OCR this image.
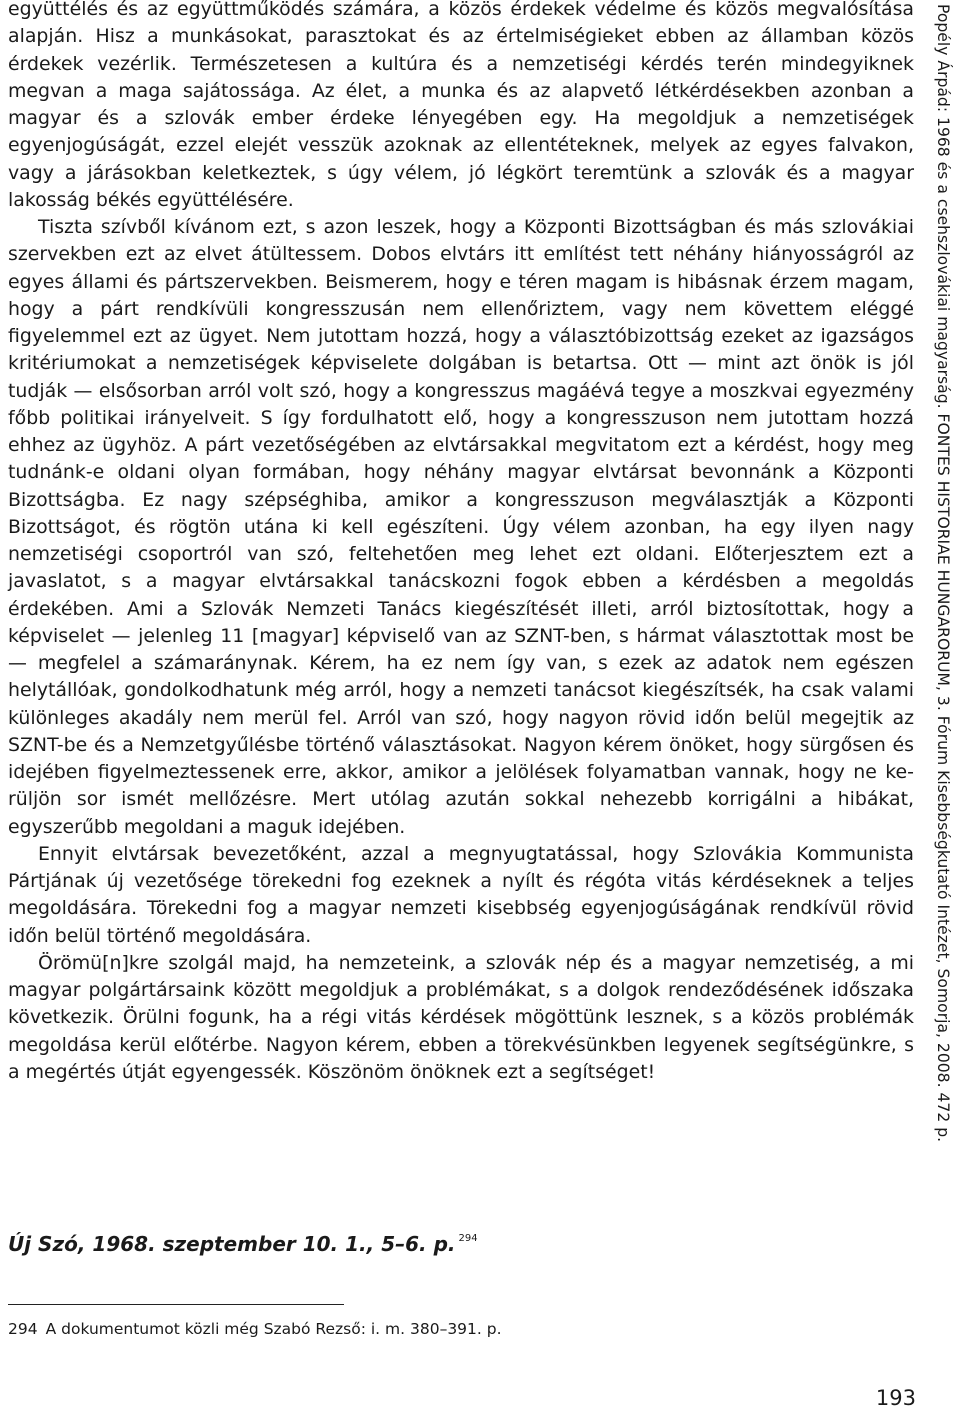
együttélés és az együttműködés számára, a közös érdekek védelme és közös megvalósítása alapján. Hisz a munkásokat, parasztokat és az értelmiségieket ebben az államban közös érdekek vezérlik. Természetesen a kultúra és a nemzetiségi kérdés terén mindegyiknek megvan a maga sajátossága. Az élet, a munka és az alapvető létkérdésekben azonban a magyar és a szlovák ember érdeke lényegében egy. Ha megoldjuk a nemzetiségek egyenjogúságát, ezzel elejét vesszük azoknak az ellentéteknek, melyek az egyes falvakon, vagy a járásokban keletkeztek, s úgy vélem, jó légkört teremtünk a szlovák és a magyar lakosság békés együttélésére.

Tiszta szívből kívánom ezt, s azon leszek, hogy a Központi Bizottságban és más szlovákiai szervekben ezt az elvet átültessem. Dobos elvtárs itt említést tett néhány hiányosságról az egyes állami és pártszervekben. Beismerem, hogy e téren magam is hibásnak érzem magam, hogy a párt rendkívüli kongresszusán nem ellenőriztem, vagy nem követtem eléggé figyelemmel ezt az ügyet. Nem jutottam hozzá, hogy a választóbizottság ezeket az igazságos kritériumokat a nemzetiségek képviselete dolgában is betartsa. Ott — mint azt önök is jól tudják — elsősorban arról volt szó, hogy a kongresszus magáévá tegye a moszkvai egyezmény főbb politikai irányelveit. S így fordulhatott elő, hogy a kongresszuson nem jutottam hozzá ehhez az ügyhöz. A párt vezetőségében az elvtársakkal megvitatom ezt a kérdést, hogy meg tudnánk-e oldani olyan formában, hogy néhány magyar elvtársat bevonnánk a Központi Bizottságba. Ez nagy szépséghiba, amikor a kongresszuson megválasztják a Központi Bizottságot, és rögtön utána ki kell egészíteni. Úgy vélem azonban, ha egy ilyen nagy nemzetiségi csoportról van szó, feltehetően meg lehet ezt oldani. Előterjesztem ezt a javaslatot, s a magyar elvtársakkal tanácskozni fogok ebben a kérdésben a megoldás érdekében. Ami a Szlovák Nemzeti Tanács kiegészítését illeti, arról biztosítottak, hogy a képviselet — jelenleg 11 [magyar] képviselő van az SZNT-ben, s hármat választottak most be — megfelel a számaránynak. Kérem, ha ez nem így van, s ezek az adatok nem egészen helytállóak, gondolkodhatunk még arról, hogy a nemzeti tanácsot kiegészítsék, ha csak valami különleges akadály nem merül fel. Arról van szó, hogy nagyon rövid időn belül megejtik az SZNT-be és a Nemzetgyűlésbe történő választásokat. Nagyon kérem önöket, hogy sürgősen és idejében figyelmeztessenek erre, akkor, amikor a jelölések folyamatban vannak, hogy ne kerüljön sor ismét mellőzésre. Mert utólag azután sokkal nehezebb korrigálni a hibákat, egyszerűbb megoldani a maguk idejében.

Ennyit elvtársak bevezetőként, azzal a megnyugtatással, hogy Szlovákia Kommunista Pártjának új vezetősége törekedni fog ezeknek a nyílt és régóta vitás kérdéseknek a teljes megoldására. Törekedni fog a magyar nemzeti kisebbség egyenjogúságának rendkívül rövid időn belül történő megoldására.

Örömü[n]kre szolgál majd, ha nemzeteink, a szlovák nép és a magyar nemzetiség, a mi magyar polgártársaink között megoldjuk a problémákat, s a dolgok rendeződésének időszaka következik. Örülni fogunk, ha a régi vitás kérdések mögöttünk lesznek, s a közös problémák megoldása kerül előtérbe. Nagyon kérem, ebben a törekvésünkben legyenek segítségünkre, s a megértés útját egyengessék. Köszönöm önöknek ezt a segítséget!

Új Szó, 1968. szeptember 10. 1., 5–6. p. $^{294}$
294 A dokumentumot közli még Szabó Rezső: i. m. 380–391. p.
193
Popély Árpád: 1968 és a csehszlovákiai magyarság. FONTES HISTORIAE HUNGARORUM, 3. Fórum Kisebbségkutató Intézet, Somorja, 2008. 472 p.
